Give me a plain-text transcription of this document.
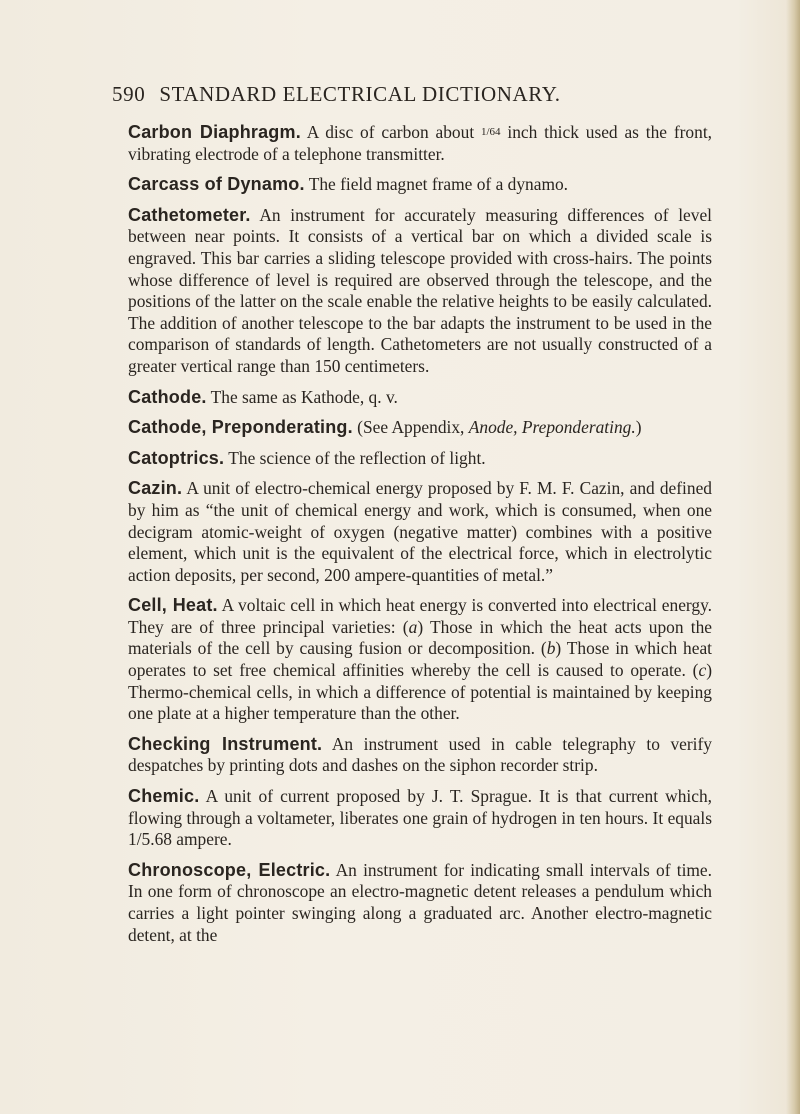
590 STANDARD ELECTRICAL DICTIONARY.

Carbon Diaphragm. A disc of carbon about 1/64 inch thick used as the front, vibrating electrode of a telephone transmitter.

Carcass of Dynamo. The field magnet frame of a dynamo.

Cathetometer. An instrument for accurately measuring differences of level between near points. It consists of a vertical bar on which a divided scale is engraved. This bar carries a sliding telescope provided with cross-hairs. The points whose difference of level is required are observed through the telescope, and the positions of the latter on the scale enable the relative heights to be easily calculated. The addition of another telescope to the bar adapts the instrument to be used in the comparison of standards of length. Cathetometers are not usually constructed of a greater vertical range than 150 centimeters.

Cathode. The same as Kathode, q. v.

Cathode, Preponderating. (See Appendix, Anode, Preponderating.)

Catoptrics. The science of the reflection of light.

Cazin. A unit of electro-chemical energy proposed by F. M. F. Cazin, and defined by him as “the unit of chemical energy and work, which is consumed, when one decigram atomic-weight of oxygen (negative matter) combines with a positive element, which unit is the equivalent of the electrical force, which in electrolytic action deposits, per second, 200 ampere-quantities of metal.”

Cell, Heat. A voltaic cell in which heat energy is converted into electrical energy. They are of three principal varieties: (a) Those in which the heat acts upon the materials of the cell by causing fusion or decomposition. (b) Those in which heat operates to set free chemical affinities whereby the cell is caused to operate. (c) Thermo-chemical cells, in which a difference of potential is maintained by keeping one plate at a higher temperature than the other.

Checking Instrument. An instrument used in cable telegraphy to verify despatches by printing dots and dashes on the siphon recorder strip.

Chemic. A unit of current proposed by J. T. Sprague. It is that current which, flowing through a voltameter, liberates one grain of hydrogen in ten hours. It equals 1/5.68 ampere.

Chronoscope, Electric. An instrument for indicating small intervals of time. In one form of chronoscope an electro-magnetic detent releases a pendulum which carries a light pointer swinging along a graduated arc. Another electro-magnetic detent, at the
